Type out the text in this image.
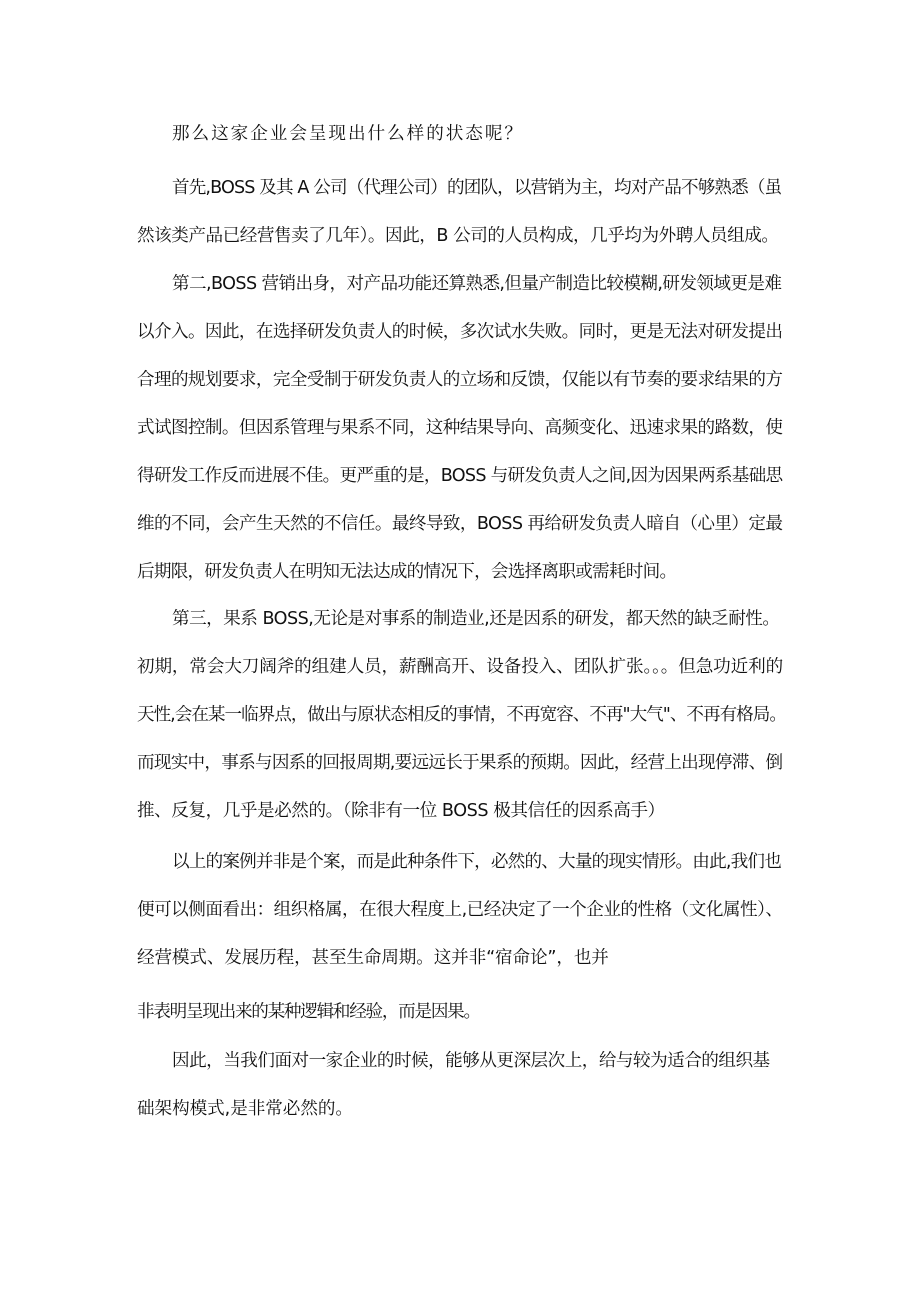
那么这家企业会呈现出什么样的状态呢？

首先,BOSS 及其 A 公司（代理公司）的团队，以营销为主，均对产品不够熟悉（虽

然该类产品已经营售卖了几年）。因此，B 公司的人员构成，几乎均为外聘人员组成。

第二,BOSS 营销出身，对产品功能还算熟悉,但量产制造比较模糊,研发领域更是难

以介入。因此，在选择研发负责人的时候，多次试水失败。同时，更是无法对研发提出

合理的规划要求，完全受制于研发负责人的立场和反馈，仅能以有节奏的要求结果的方

式试图控制。但因系管理与果系不同，这种结果导向、高频变化、迅速求果的路数，使

得研发工作反而进展不佳。更严重的是，BOSS 与研发负责人之间,因为因果两系基础思

维的不同，会产生天然的不信任。最终导致，BOSS 再给研发负责人暗自（心里）定最

后期限，研发负责人在明知无法达成的情况下，会选择离职或需耗时间。

第三，果系 BOSS,无论是对事系的制造业,还是因系的研发，都天然的缺乏耐性。

初期，常会大刀阔斧的组建人员，薪酬高开、设备投入、团队扩张。。。但急功近利的

天性,会在某一临界点，做出与原状态相反的事情，不再宽容、不再"大气"、不再有格局。

而现实中，事系与因系的回报周期,要远远长于果系的预期。因此，经营上出现停滞、倒

推、反复，几乎是必然的。（除非有一位 BOSS 极其信任的因系高手）

以上的案例并非是个案，而是此种条件下，必然的、大量的现实情形。由此,我们也

便可以侧面看出：组织格属，在很大程度上,已经决定了一个企业的性格（文化属性）、

经营模式、发展历程，甚至生命周期。这并非“宿命论”，也并

非表明呈现出来的某种逻辑和经验，而是因果。

因此，当我们面对一家企业的时候，能够从更深层次上，给与较为适合的组织基

础架构模式,是非常必然的。
